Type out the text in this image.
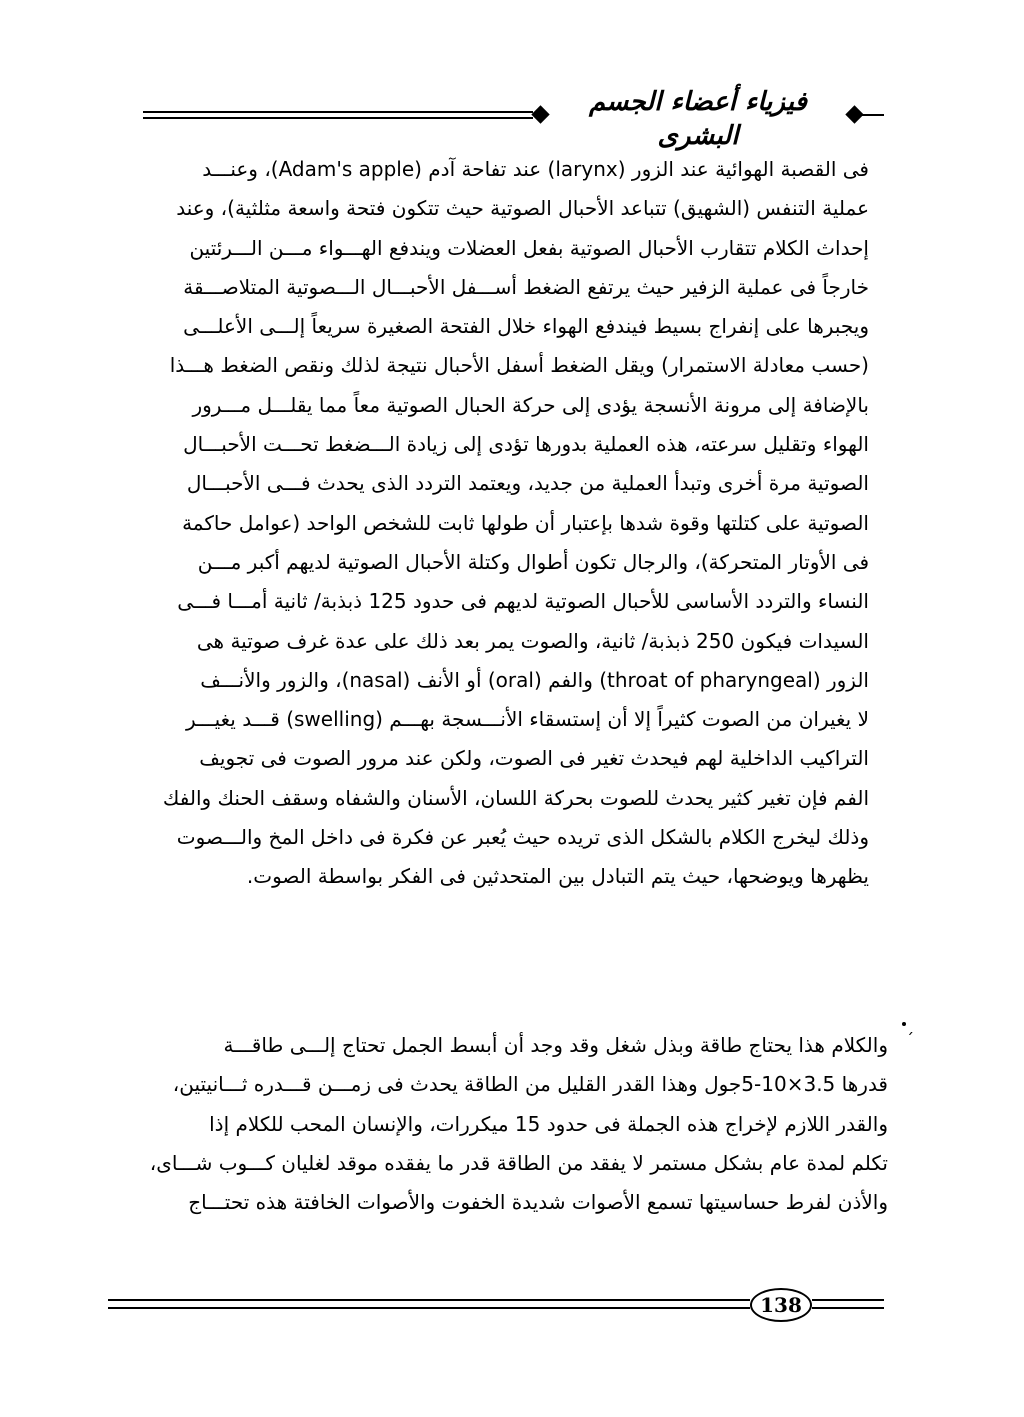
فيزياء أعضاء الجسم البشرى
فى القصبة الهوائية عند الزور (larynx) عند تفاحة آدم (Adam's apple)، وعنـــد
عملية التنفس (الشهيق) تتباعد الأحبال الصوتية حيث تتكون فتحة واسعة مثلثية)، وعند
إحداث الكلام تتقارب الأحبال الصوتية بفعل العضلات ويندفع الهـــواء مـــن الـــرئتين
خارجاً فى عملية الزفير حيث يرتفع الضغط أســـفل الأحبـــال الـــصوتية المتلاصـــقة
ويجبرها على إنفراج بسيط فيندفع الهواء خلال الفتحة الصغيرة سريعاً إلـــى الأعلـــى
(حسب معادلة الاستمرار) ويقل الضغط أسفل الأحبال نتيجة لذلك ونقص الضغط هـــذا
بالإضافة إلى مرونة الأنسجة يؤدى إلى حركة الحبال الصوتية معاً مما يقلـــل مـــرور
الهواء وتقليل سرعته، هذه العملية بدورها تؤدى إلى زيادة الـــضغط تحـــت الأحبـــال
الصوتية مرة أخرى وتبدأ العملية من جديد، ويعتمد التردد الذى يحدث فـــى الأحبـــال
الصوتية على كتلتها وقوة شدها بإعتبار أن طولها ثابت للشخص الواحد (عوامل حاكمة
فى الأوتار المتحركة)، والرجال تكون أطوال وكتلة الأحبال الصوتية لديهم أكبر مـــن
النساء والتردد الأساسى للأحبال الصوتية لديهم فى حدود 125 ذبذبة/ ثانية أمـــا فـــى
السيدات فيكون 250 ذبذبة/ ثانية، والصوت يمر بعد ذلك على عدة غرف صوتية هى
الزور (throat of pharyngeal) والفم (oral) أو الأنف (nasal)، والزور والأنـــف
لا يغيران من الصوت كثيراً إلا أن إستسقاء الأنـــسجة بهـــم (swelling) قـــد يغيـــر
التراكيب الداخلية لهم فيحدث تغير فى الصوت، ولكن عند مرور الصوت فى تجويف
الفم فإن تغير كثير يحدث للصوت بحركة اللسان، الأسنان والشفاه وسقف الحنك والفك
وذلك ليخرج الكلام بالشكل الذى تريده حيث يُعبر عن فكرة فى داخل المخ والـــصوت
يظهرها ويوضحها، حيث يتم التبادل بين المتحدثين فى الفكر بواسطة الصوت.
ˊ
والكلام هذا يحتاج طاقة وبذل شغل وقد وجد أن أبسط الجمل تحتاج إلـــى طاقـــة
قدرها 3.5×10-5جول وهذا القدر القليل من الطاقة يحدث فى زمـــن قـــدره ثـــانيتين،
والقدر اللازم لإخراج هذه الجملة فى حدود 15 ميكررات، والإنسان المحب للكلام إذا
تكلم لمدة عام بشكل مستمر لا يفقد من الطاقة قدر ما يفقده موقد لغليان كـــوب شـــاى،
والأذن لفرط حساسيتها تسمع الأصوات شديدة الخفوت والأصوات الخافتة هذه تحتـــاج
138
